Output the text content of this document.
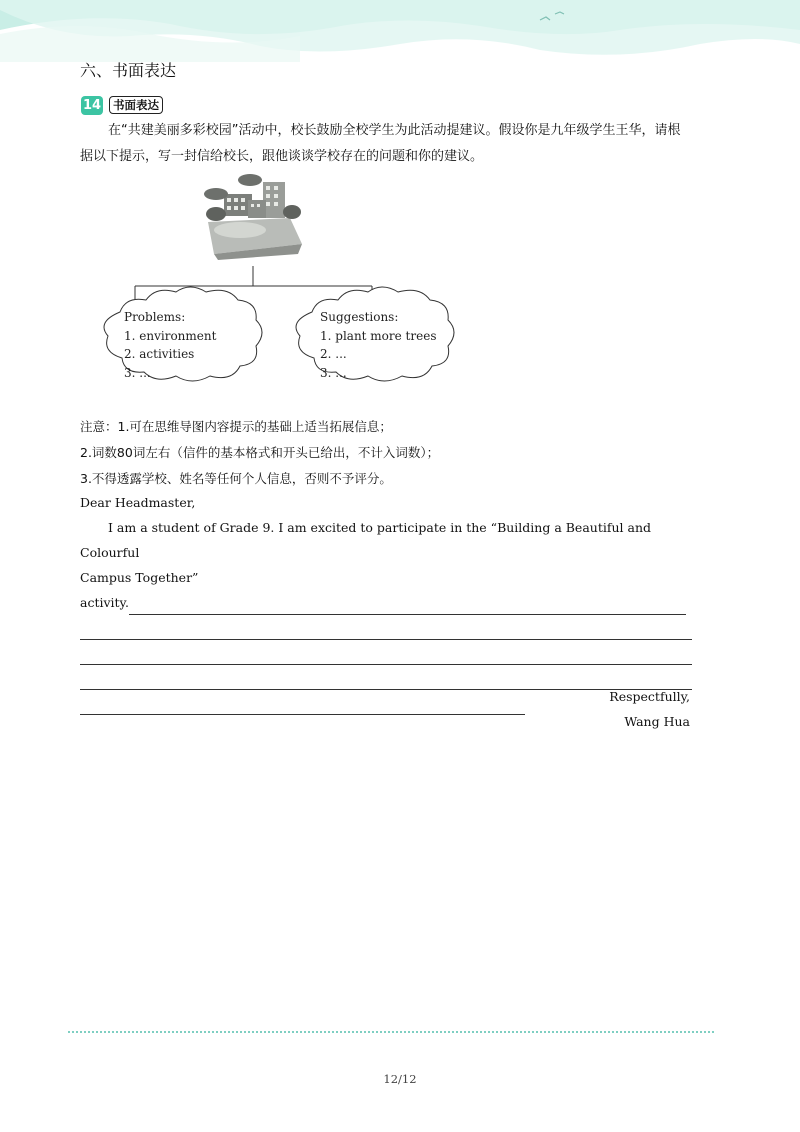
六、书面表达
14	书面表达
在“共建美丽多彩校园”活动中，校长鼓励全校学生为此活动提建议。假设你是九年级学生王华，请根据以下提示，写一封信给校长，跟他谈谈学校存在的问题和你的建议。
Problems:
1. environment
2. activities
3. ...
Suggestions:
1. plant more trees
2. ...
3. ...
注意：1.可在思维导图内容提示的基础上适当拓展信息；
2.词数80词左右（信件的基本格式和开头已给出，不计入词数）；
3.不得透露学校、姓名等任何个人信息，否则不予评分。
Dear Headmaster,
I am a student of Grade 9. I am excited to participate in the “Building a Beautiful and Colourful
Campus Together”
activity.
Respectfully,
Wang Hua
12/12
